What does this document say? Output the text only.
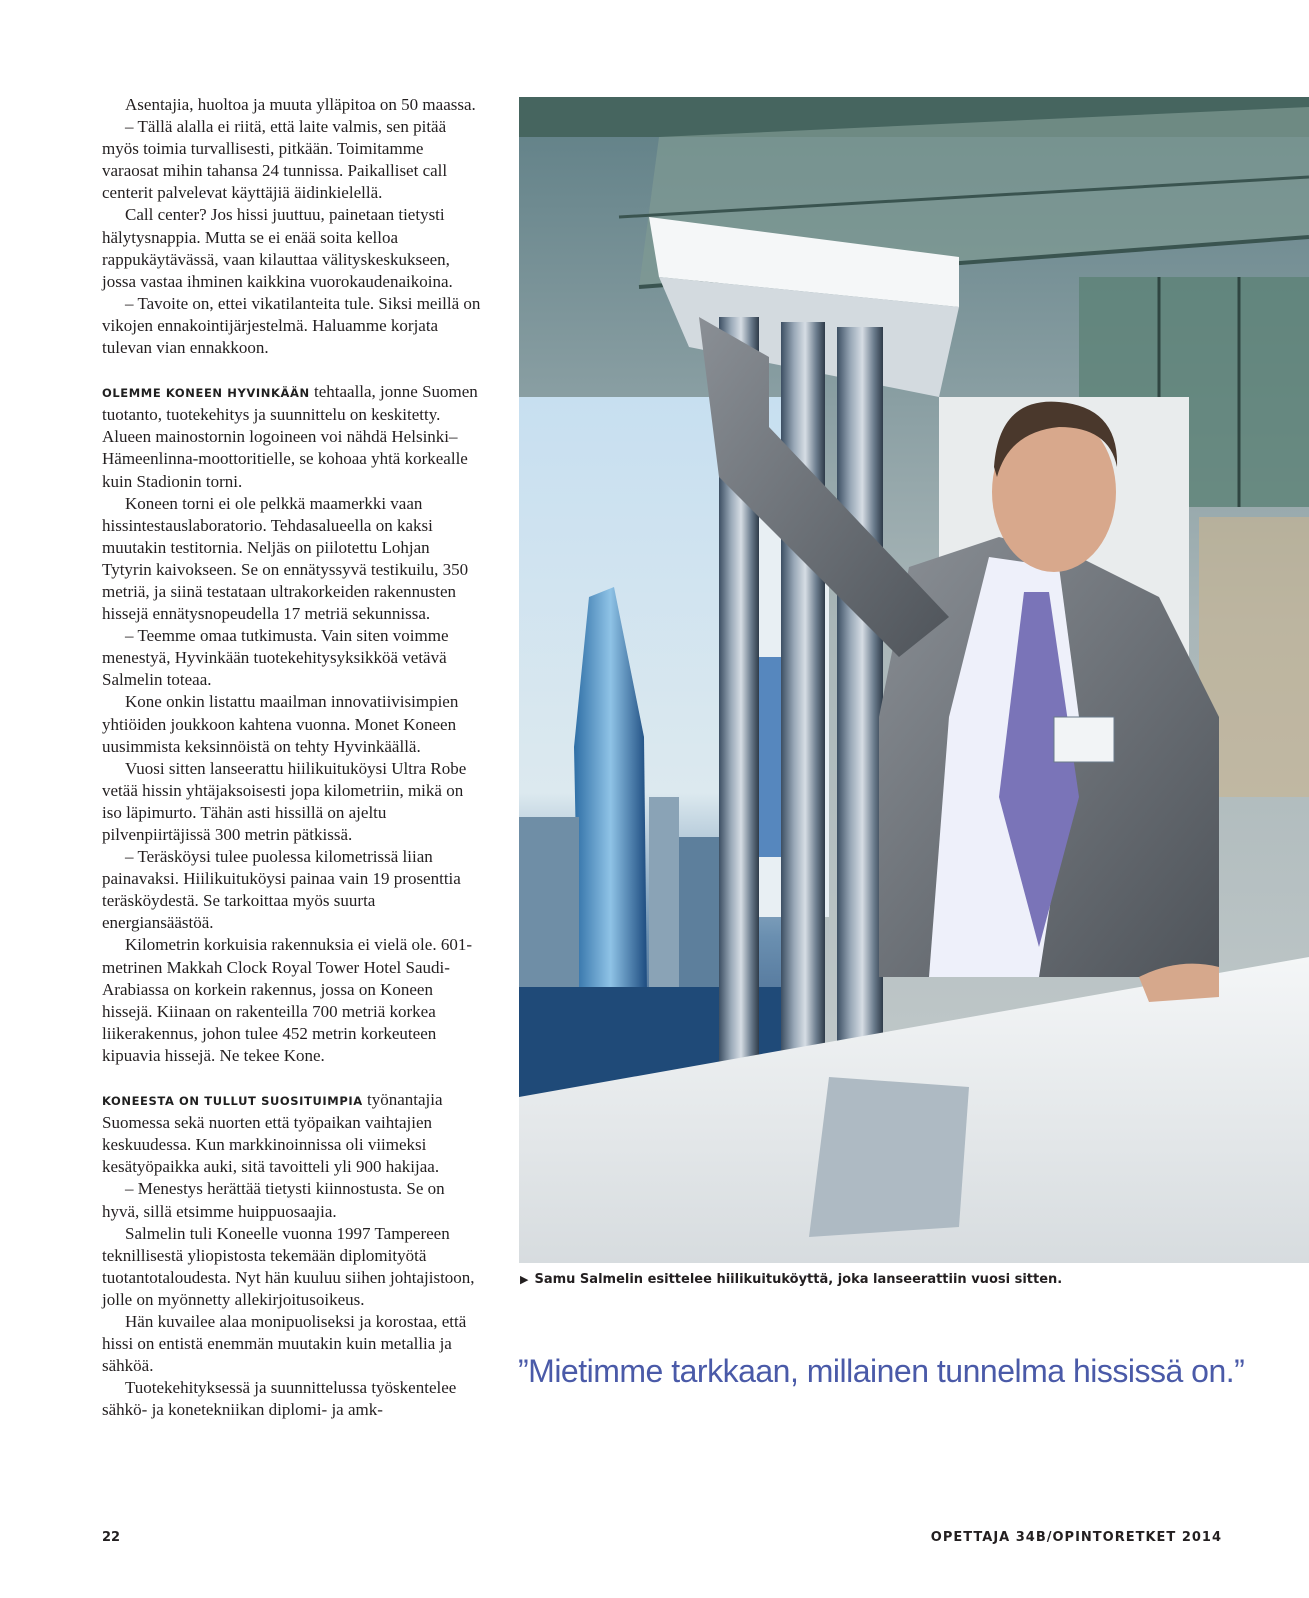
Asentajia, huoltoa ja muuta ylläpitoa on 50 maassa.

– Tällä alalla ei riitä, että laite valmis, sen pitää myös toimia turvallisesti, pitkään. Toimitamme varaosat mihin tahansa 24 tunnissa. Paikalliset call centerit palvelevat käyttäjiä äidinkielellä.

Call center? Jos hissi juuttuu, painetaan tietysti hälytysnappia. Mutta se ei enää soita kelloa rappukäytävässä, vaan kilauttaa välityskeskukseen, jossa vastaa ihminen kaikkina vuorokaudenaikoina.

– Tavoite on, ettei vikatilanteita tule. Siksi meillä on vikojen ennakointijärjestelmä. Haluamme korjata tulevan vian ennakkoon.

OLEMME KONEEN HYVINKÄÄN tehtaalla, jonne Suomen tuotanto, tuotekehitys ja suunnittelu on keskitetty. Alueen mainostornin logoineen voi nähdä Helsinki–Hämeenlinna-moottoritielle, se kohoaa yhtä korkealle kuin Stadionin torni.

Koneen torni ei ole pelkkä maamerkki vaan hissintestauslaboratorio. Tehdasalueella on kaksi muutakin testitornia. Neljäs on piilotettu Lohjan Tytyrin kaivokseen. Se on ennätyssyvä testikuilu, 350 metriä, ja siinä testataan ultrakorkeiden rakennusten hissejä ennätysnopeudella 17 metriä sekunnissa.

– Teemme omaa tutkimusta. Vain siten voimme menestyä, Hyvinkään tuotekehitysyksikköä vetävä Salmelin toteaa.

Kone onkin listattu maailman innovatiivisimpien yhtiöiden joukkoon kahtena vuonna. Monet Koneen uusimmista keksinnöistä on tehty Hyvinkäällä.

Vuosi sitten lanseerattu hiilikuituköysi Ultra Robe vetää hissin yhtäjaksoisesti jopa kilometriin, mikä on iso läpimurto. Tähän asti hissillä on ajeltu pilvenpiirtäjissä 300 metrin pätkissä.

– Teräsköysi tulee puolessa kilometrissä liian painavaksi. Hiilikuituköysi painaa vain 19 prosenttia teräsköydestä. Se tarkoittaa myös suurta energiansäästöä.

Kilometrin korkuisia rakennuksia ei vielä ole. 601-metrinen Makkah Clock Royal Tower Hotel Saudi-Arabiassa on korkein rakennus, jossa on Koneen hissejä. Kiinaan on rakenteilla 700 metriä korkea liikerakennus, johon tulee 452 metrin korkeuteen kipuavia hissejä. Ne tekee Kone.

KONEESTA ON TULLUT SUOSITUIMPIA työnantajia Suomessa sekä nuorten että työpaikan vaihtajien keskuudessa. Kun markkinoinnissa oli viimeksi kesätyöpaikka auki, sitä tavoitteli yli 900 hakijaa.

– Menestys herättää tietysti kiinnostusta. Se on hyvä, sillä etsimme huippuosaajia.

Salmelin tuli Koneelle vuonna 1997 Tampereen teknillisestä yliopistosta tekemään diplomityötä tuotantotaloudesta. Nyt hän kuuluu siihen johtajistoon, jolle on myönnetty allekirjoitusoikeus.

Hän kuvailee alaa monipuoliseksi ja korostaa, että hissi on entistä enemmän muutakin kuin metallia ja sähköä.

Tuotekehityksessä ja suunnittelussa työskentelee sähkö- ja konetekniikan diplomi- ja amk-

▶ Samu Salmelin esittelee hiilikuituköyttä, joka lanseerattiin vuosi sitten.
”Mietimme tarkkaan, millainen tunnelma hississä on.”
22	OPETTAJA 34B/OPINTORETKET 2014
